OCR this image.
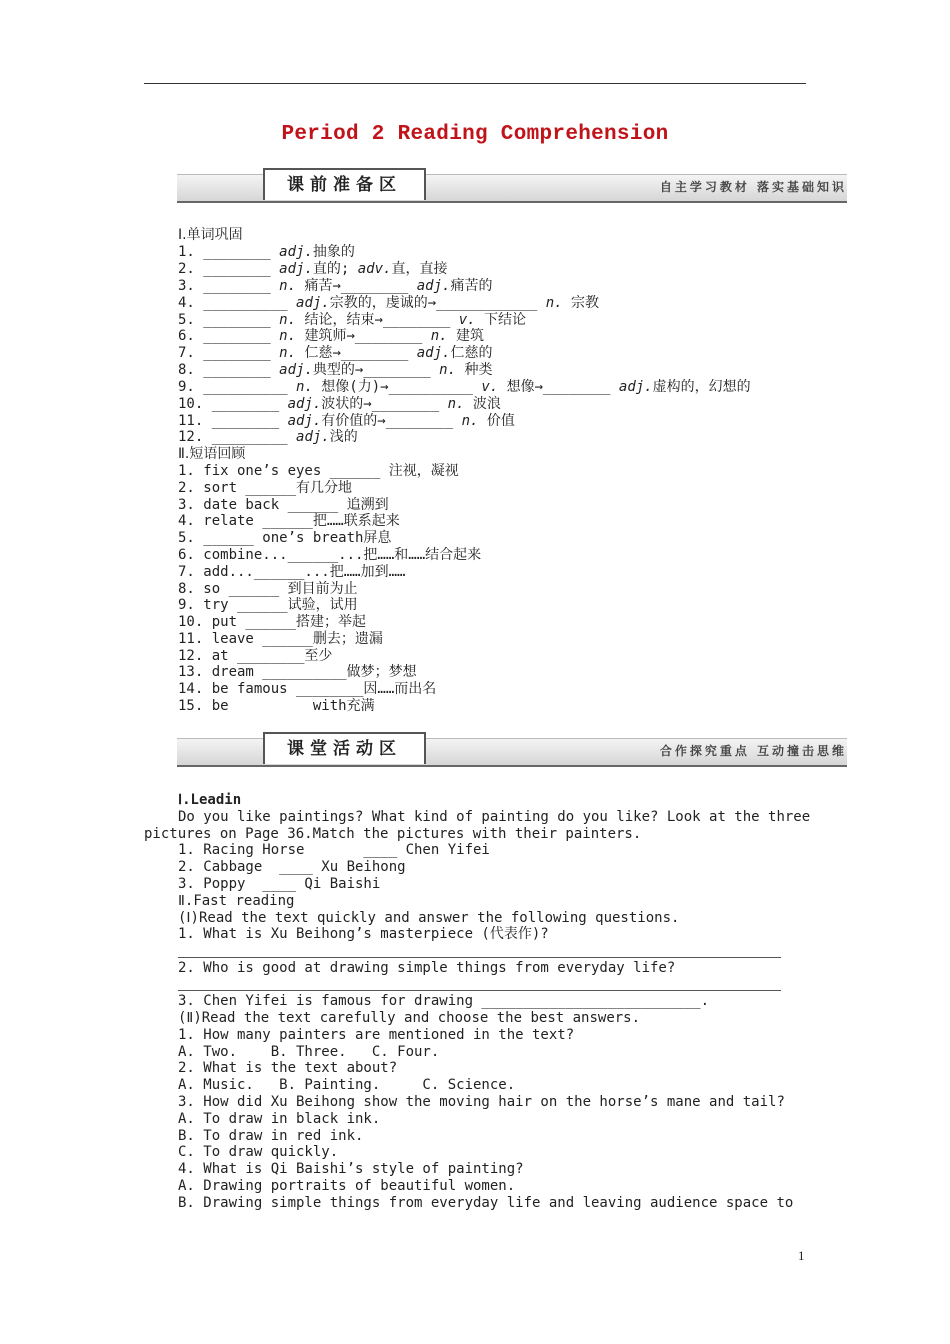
Period 2 Reading Comprehension
课前准备区	自主学习教材 落实基础知识
Ⅰ.单词巩固
1. ________ adj.抽象的
2. ________ adj.直的; adv.直，直接
3. ________ n. 痛苦→________ adj.痛苦的
4. __________ adj.宗教的，虔诚的→____________ n. 宗教
5. ________ n. 结论，结束→________ v. 下结论
6. ________ n. 建筑师→________ n. 建筑
7. ________ n. 仁慈→________ adj.仁慈的
8. ________ adj.典型的→________ n. 种类
9. __________ n. 想像(力)→__________ v. 想像→________ adj.虚构的，幻想的
10. ________ adj.波状的→________ n. 波浪
11. ________ adj.有价值的→________ n. 价值
12. _________ adj.浅的
Ⅱ.短语回顾
1. fix one’s eyes ______ 注视，凝视
2. sort ______有几分地
3. date back ______ 追溯到
4. relate ______把……联系起来
5. ______ one’s breath屏息
6. combine...______...把……和……结合起来
7. add...______...把……加到……
8. so ______ 到目前为止
9. try ______试验，试用
10. put ______搭建；举起
11. leave ______删去；遗漏
12. at ________至少
13. dream __________做梦；梦想
14. be famous ________因……而出名
15. be          with充满
课堂活动区	合作探究重点 互动撞击思维
Ⅰ.Leadin
Do you like paintings? What kind of painting do you like? Look at the three
pictures on Page 36.Match the pictures with their painters.
1. Racing Horse       ____ Chen Yifei
2. Cabbage  ____ Xu Beihong
3. Poppy  ____ Qi Baishi
Ⅱ.Fast reading
(Ⅰ)Read the text quickly and answer the following questions.
1. What is Xu Beihong’s masterpiece (代表作)?
2. Who is good at drawing simple things from everyday life?
3. Chen Yifei is famous for drawing __________________________.
(Ⅱ)Read the text carefully and choose the best answers.
1. How many painters are mentioned in the text?
A. Two.    B. Three.   C. Four.
2. What is the text about?
A. Music.   B. Painting.     C. Science.
3. How did Xu Beihong show the moving hair on the horse’s mane and tail?
A. To draw in black ink.
B. To draw in red ink.
C. To draw quickly.
4. What is Qi Baishi’s style of painting?
A. Drawing portraits of beautiful women.
B. Drawing simple things from everyday life and leaving audience space to
1
